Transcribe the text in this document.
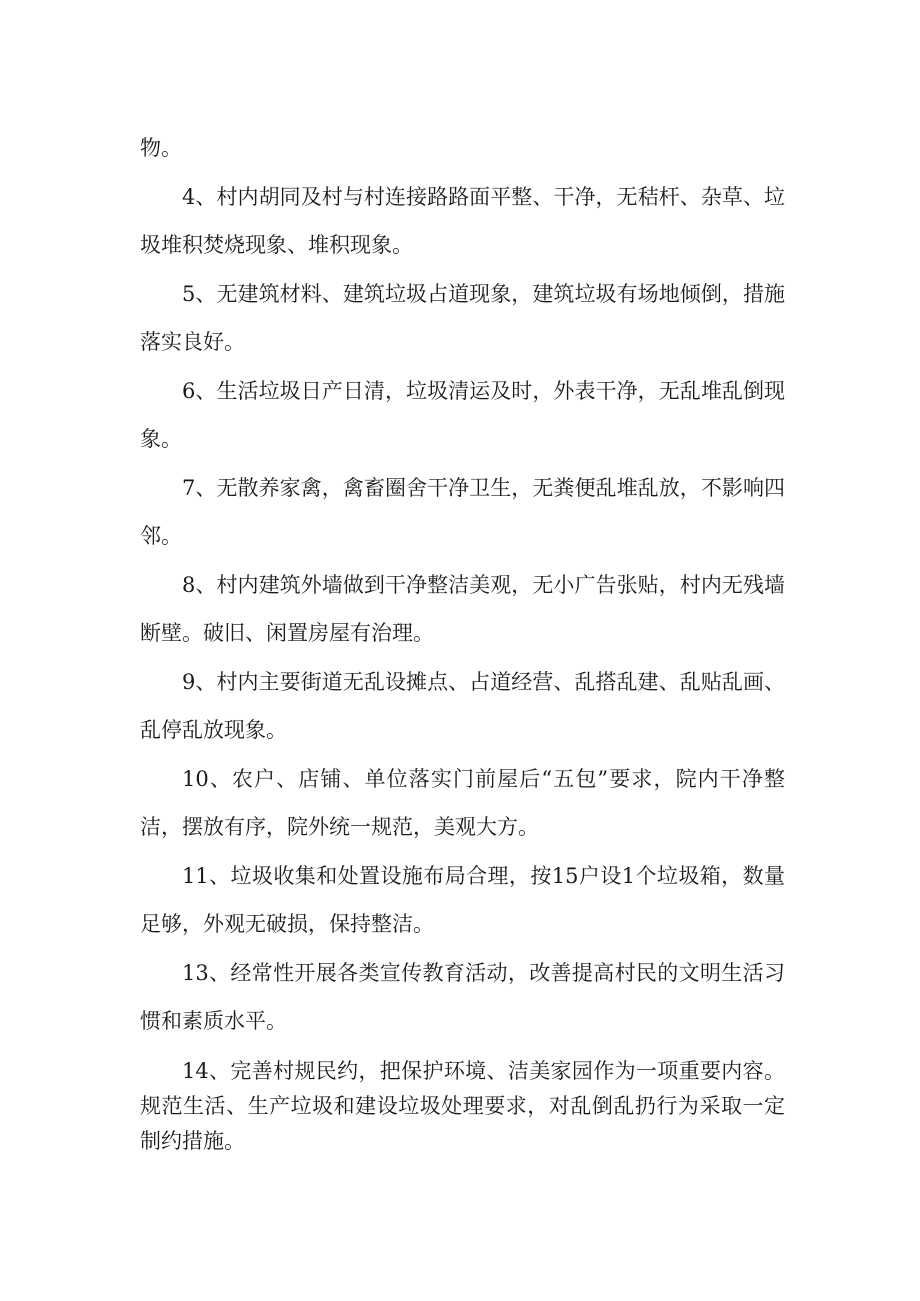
物。

4、村内胡同及村与村连接路路面平整、干净，无秸杆、杂草、垃圾堆积焚烧现象、堆积现象。

5、无建筑材料、建筑垃圾占道现象，建筑垃圾有场地倾倒，措施落实良好。

6、生活垃圾日产日清，垃圾清运及时，外表干净，无乱堆乱倒现象。

7、无散养家禽，禽畜圈舍干净卫生，无粪便乱堆乱放，不影响四邻。

8、村内建筑外墙做到干净整洁美观，无小广告张贴，村内无残墙断壁。破旧、闲置房屋有治理。

9、村内主要街道无乱设摊点、占道经营、乱搭乱建、乱贴乱画、乱停乱放现象。

10、农户、店铺、单位落实门前屋后“五包”要求，院内干净整洁，摆放有序，院外统一规范，美观大方。

11、垃圾收集和处置设施布局合理，按15户设1个垃圾箱，数量足够，外观无破损，保持整洁。

13、经常性开展各类宣传教育活动，改善提高村民的文明生活习惯和素质水平。

14、完善村规民约，把保护环境、洁美家园作为一项重要内容。规范生活、生产垃圾和建设垃圾处理要求，对乱倒乱扔行为采取一定制约措施。
